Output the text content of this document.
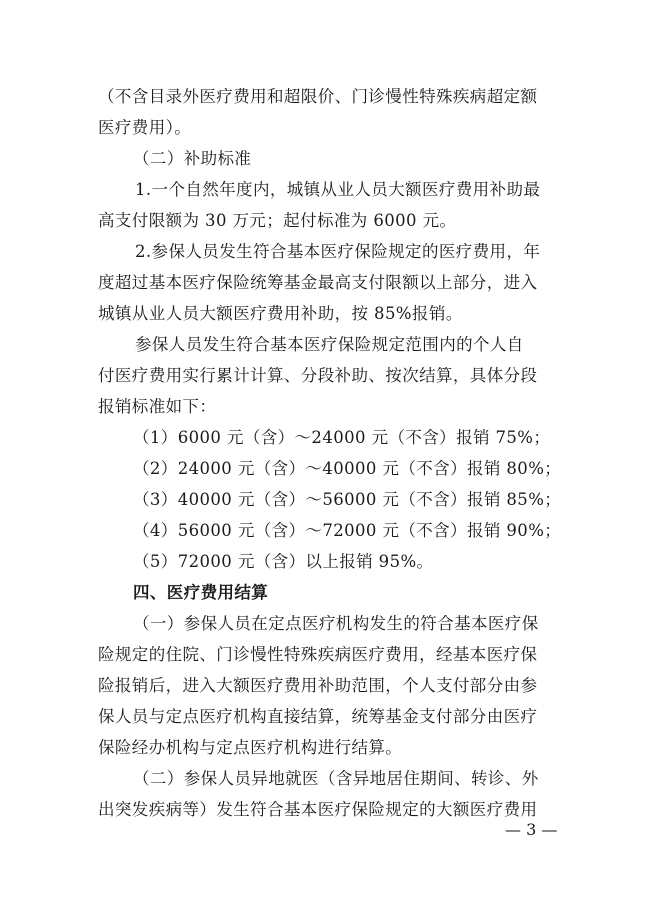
（不含目录外医疗费用和超限价、门诊慢性特殊疾病超定额
医疗费用）。
（二）补助标准
1.一个自然年度内，城镇从业人员大额医疗费用补助最
高支付限额为 30 万元；起付标准为 6000 元。
2.参保人员发生符合基本医疗保险规定的医疗费用，年
度超过基本医疗保险统筹基金最高支付限额以上部分，进入
城镇从业人员大额医疗费用补助，按 85%报销。
参保人员发生符合基本医疗保险规定范围内的个人自
付医疗费用实行累计计算、分段补助、按次结算，具体分段
报销标准如下：
（1）6000 元（含）～24000 元（不含）报销 75%；
（2）24000 元（含）～40000 元（不含）报销 80%；
（3）40000 元（含）～56000 元（不含）报销 85%；
（4）56000 元（含）～72000 元（不含）报销 90%；
（5）72000 元（含）以上报销 95%。
四、医疗费用结算
（一）参保人员在定点医疗机构发生的符合基本医疗保
险规定的住院、门诊慢性特殊疾病医疗费用，经基本医疗保
险报销后，进入大额医疗费用补助范围，个人支付部分由参
保人员与定点医疗机构直接结算，统筹基金支付部分由医疗
保险经办机构与定点医疗机构进行结算。
（二）参保人员异地就医（含异地居住期间、转诊、外
出突发疾病等）发生符合基本医疗保险规定的大额医疗费用
— 3 —
